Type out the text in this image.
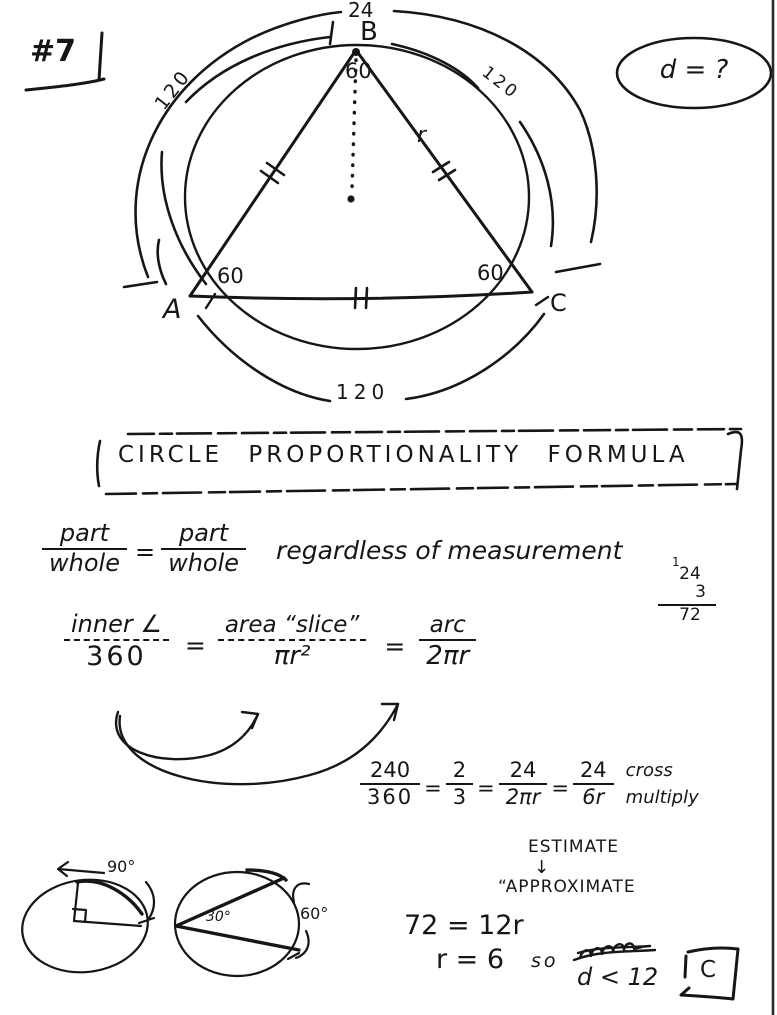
#7
d = ?
24
B
60
r
120	120
60	60
A	C
120
CIRCLE PROPORTIONALITY FORMULA
$\frac{\text{part}}{\text{whole}} = \frac{\text{part}}{\text{whole}}$ regardless of measurement	1
24
3
72
$\frac{\text{inner ∠}}{360} = \frac{\text{area “slice”}}{\text{πr²}} = \frac{\text{arc}}{2\pi r}$
$\frac{240}{360} = \frac{2}{3} = \frac{24}{2\pi r} = \frac{24}{6r}$ cross
multiply
90°
30°	60°
ESTIMATE
↓
“APPROXIMATE
72 = 12r
r = 6 so
d < 12 C
